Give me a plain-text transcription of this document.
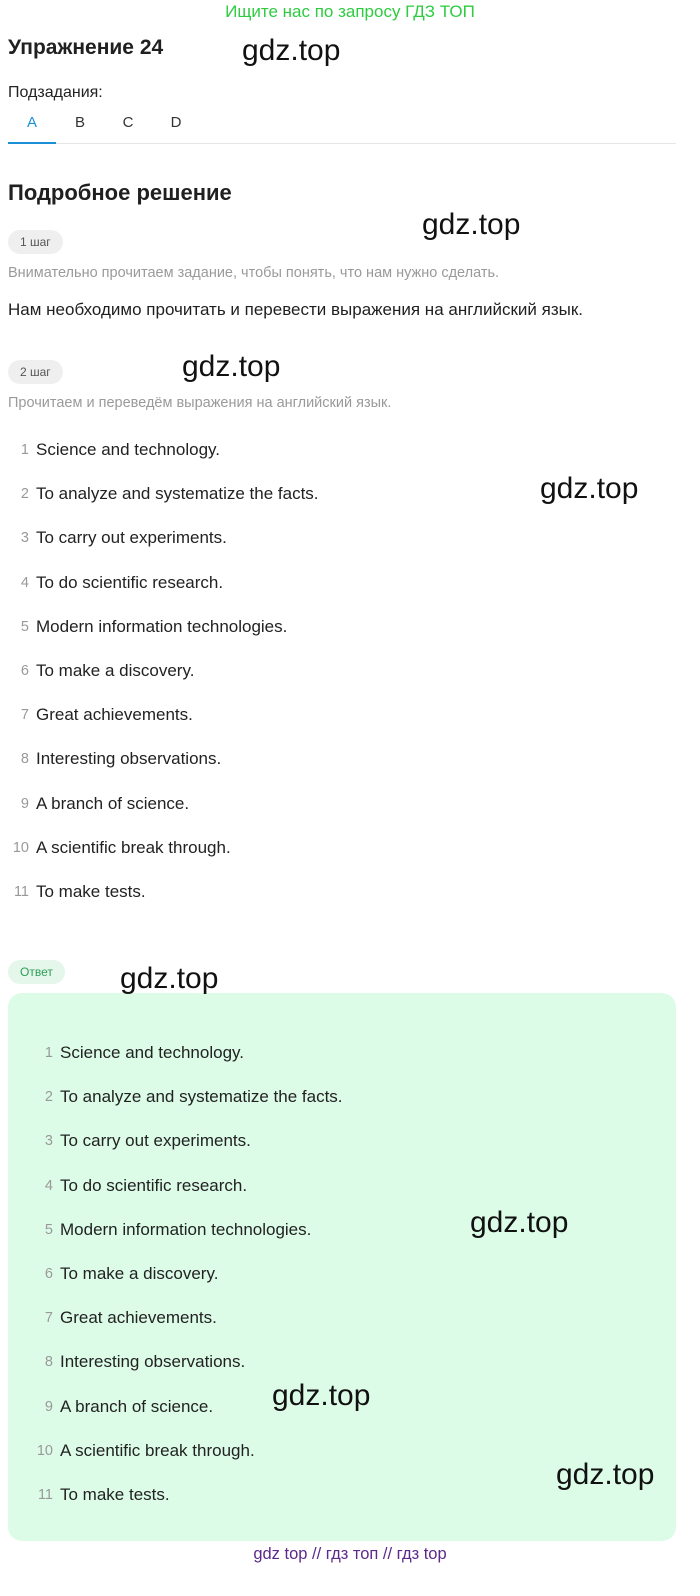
Ищите нас по запросу ГДЗ ТОП
Упражнение 24
Подзадания:
A	B	C	D
Подробное решение
1 шаг
Внимательно прочитаем задание, чтобы понять, что нам нужно сделать.
Нам необходимо прочитать и перевести выражения на английский язык.
2 шаг
Прочитаем и переведём выражения на английский язык.
1 Science and technology.
2 To analyze and systematize the facts.
3 To carry out experiments.
4 To do scientific research.
5 Modern information technologies.
6 To make a discovery.
7 Great achievements.
8 Interesting observations.
9 A branch of science.
10 A scientific break through.
11 To make tests.
Ответ
1 Science and technology.
2 To analyze and systematize the facts.
3 To carry out experiments.
4 To do scientific research.
5 Modern information technologies.
6 To make a discovery.
7 Great achievements.
8 Interesting observations.
9 A branch of science.
10 A scientific break through.
11 To make tests.
gdz.top
gdz.top
gdz.top
gdz.top
gdz.top
gdz.top
gdz.top
gdz.top
gdz top // гдз топ // гдз top
